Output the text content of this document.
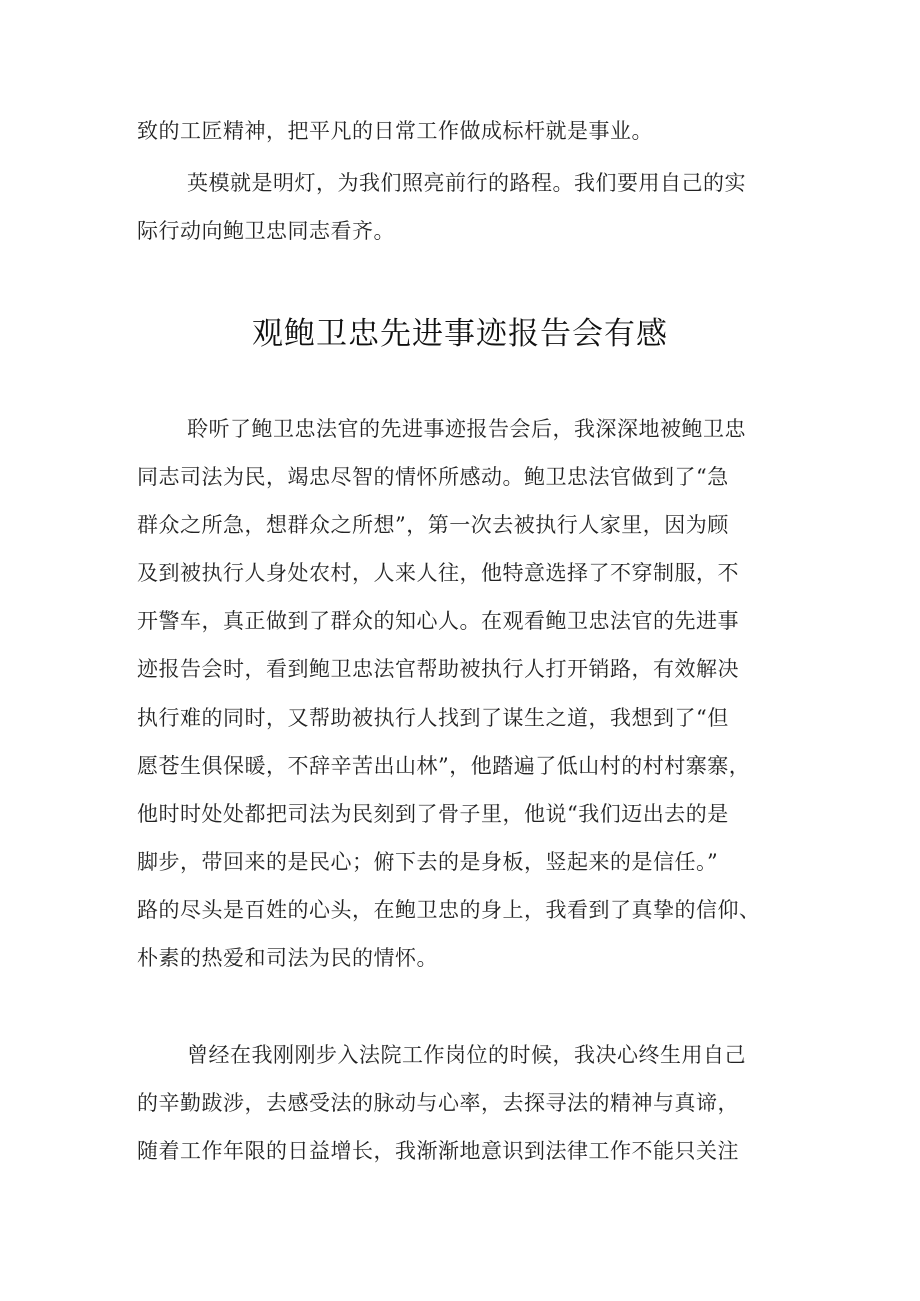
致的工匠精神，把平凡的日常工作做成标杆就是事业。
英模就是明灯，为我们照亮前行的路程。我们要用自己的实
际行动向鲍卫忠同志看齐。
观鲍卫忠先进事迹报告会有感
聆听了鲍卫忠法官的先进事迹报告会后，我深深地被鲍卫忠
同志司法为民，竭忠尽智的情怀所感动。鲍卫忠法官做到了“急
群众之所急，想群众之所想”，第一次去被执行人家里，因为顾
及到被执行人身处农村，人来人往，他特意选择了不穿制服，不
开警车，真正做到了群众的知心人。在观看鲍卫忠法官的先进事
迹报告会时，看到鲍卫忠法官帮助被执行人打开销路，有效解决
执行难的同时，又帮助被执行人找到了谋生之道，我想到了“但
愿苍生俱保暖，不辞辛苦出山林”，他踏遍了低山村的村村寨寨，
他时时处处都把司法为民刻到了骨子里，他说“我们迈出去的是
脚步，带回来的是民心；俯下去的是身板，竖起来的是信任。”
路的尽头是百姓的心头，在鲍卫忠的身上，我看到了真挚的信仰、
朴素的热爱和司法为民的情怀。
曾经在我刚刚步入法院工作岗位的时候，我决心终生用自己
的辛勤跋涉，去感受法的脉动与心率，去探寻法的精神与真谛，
随着工作年限的日益增长，我渐渐地意识到法律工作不能只关注
